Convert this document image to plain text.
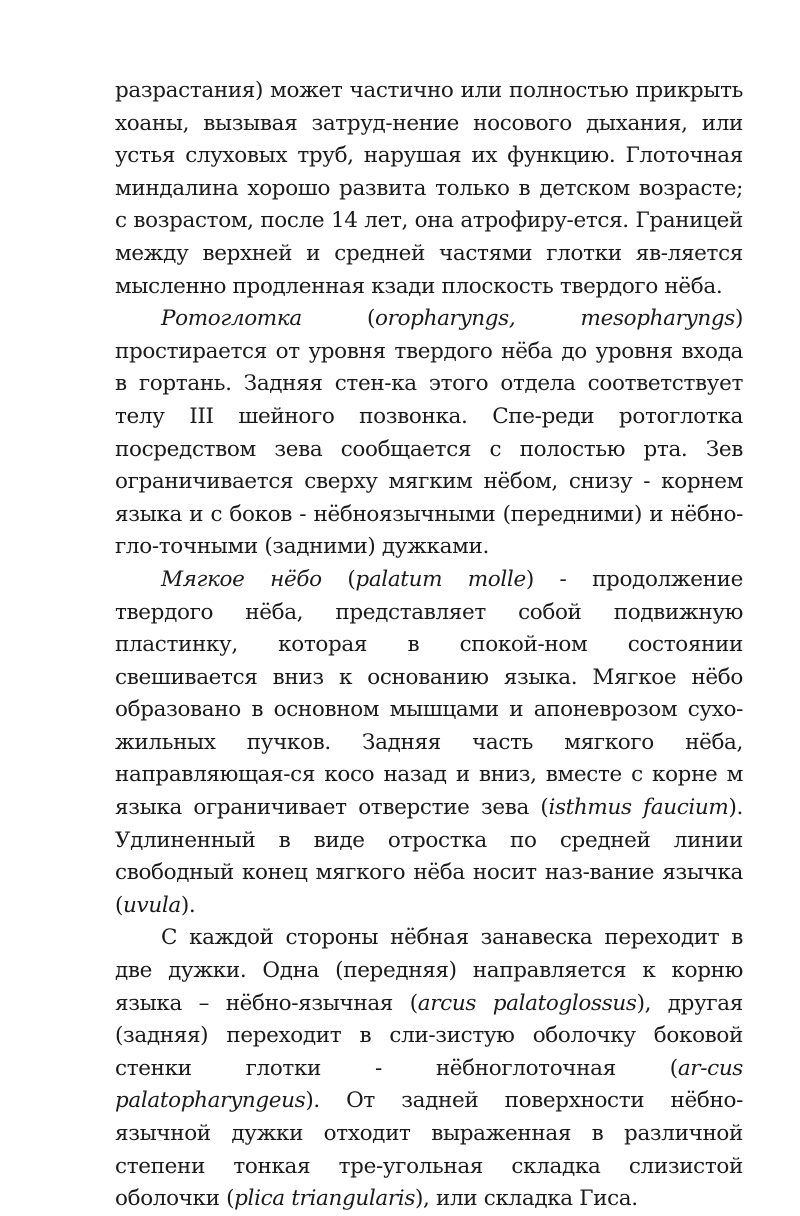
разрастания) может частично или полностью прикрыть хоаны, вызывая затруд-нение носового дыхания, или устья слуховых труб, нарушая их функцию. Глоточная миндалина хорошо развита только в детском возрасте; с возрастом, после 14 лет, она атрофиру-ется. Границей между верхней и средней частями глотки яв-ляется мысленно продленная кзади плоскость твердого нёба.

Ротоглотка (oropharyngs, mesopharyngs) простирается от уровня твердого нёба до уровня входа в гортань. Задняя стен-ка этого отдела соответствует телу III шейного позвонка. Спе-реди ротоглотка посредством зева сообщается с полостью рта. Зев ограничивается сверху мягким нёбом, снизу - корнем языка и с боков - нёбноязычными (передними) и нёбно-гло-точными (задними) дужками.

Мягкое нёбо (palatum molle) - продолжение твердого нёба, представляет собой подвижную пластинку, которая в спокой-ном состоянии свешивается вниз к основанию языка. Мягкое нёбо образовано в основном мышцами и апоневрозом сухо-жильных пучков. Задняя часть мягкого нёба, направляющая-ся косо назад и вниз, вместе с корне м языка ограничивает отверстие зева (isthmus faucium). Удлиненный в виде отростка по средней линии свободный конец мягкого нёба носит наз-вание язычка (uvula).

С каждой стороны нёбная занавеска переходит в две дужки. Одна (передняя) направляется к корню языка – нёбно-язычная (arcus palatoglossus), другая (задняя) переходит в сли-зистую оболочку боковой стенки глотки - нёбноглоточная (ar-cus palatopharyngeus). От задней поверхности нёбно-язычной дужки отходит выраженная в различной степени тонкая тре-угольная складка слизистой оболочки (plica triangularis), или складка Гиса.
